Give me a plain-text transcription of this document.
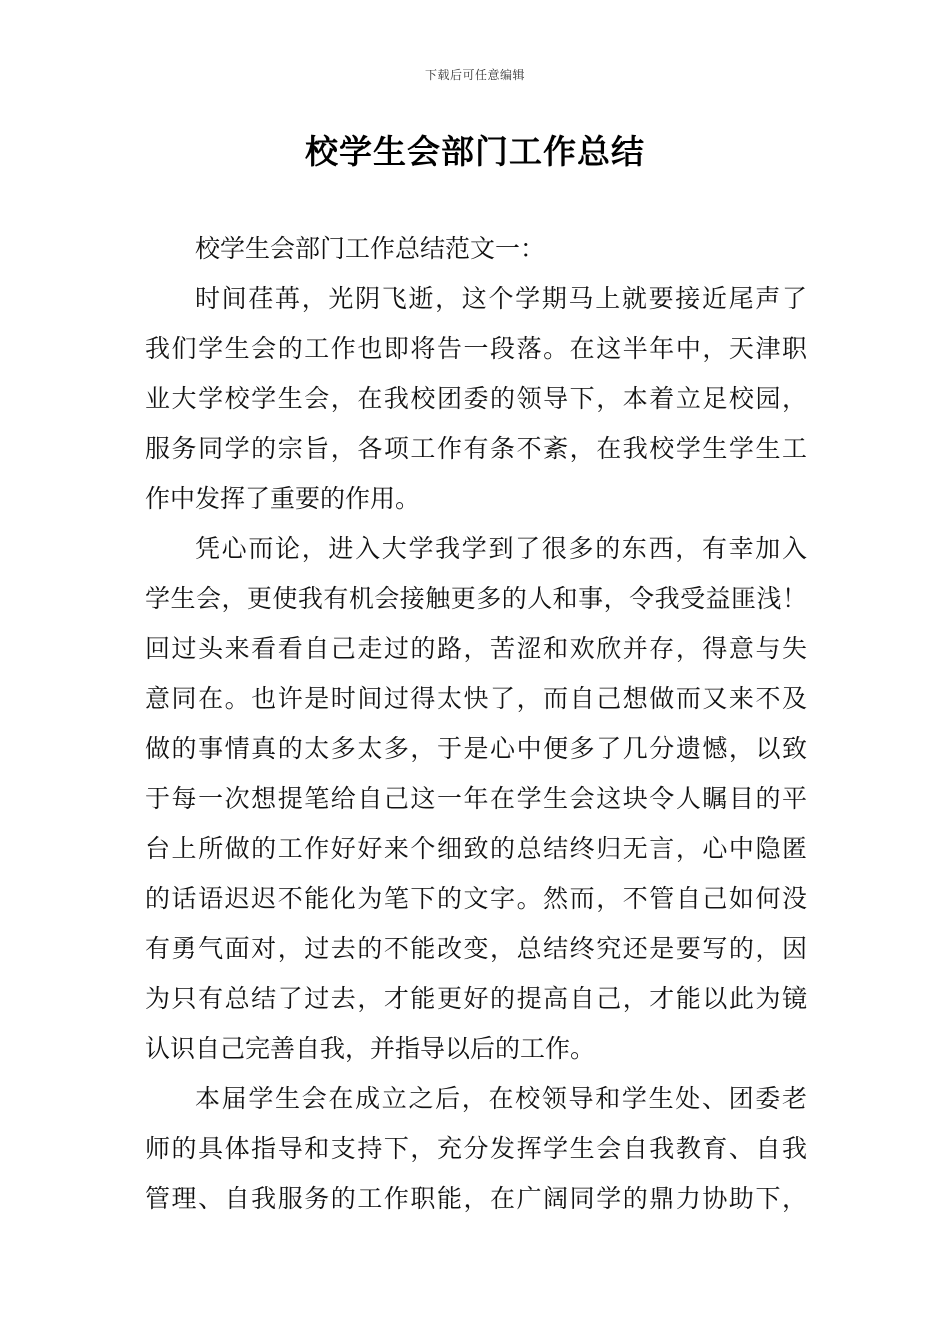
下载后可任意编辑
校学生会部门工作总结
校学生会部门工作总结范文一：
时间荏苒，光阴飞逝，这个学期马上就要接近尾声了
我们学生会的工作也即将告一段落。在这半年中，天津职
业大学校学生会，在我校团委的领导下，本着立足校园，
服务同学的宗旨，各项工作有条不紊，在我校学生学生工
作中发挥了重要的作用。
凭心而论，进入大学我学到了很多的东西，有幸加入
学生会，更使我有机会接触更多的人和事，令我受益匪浅！
回过头来看看自己走过的路，苦涩和欢欣并存，得意与失
意同在。也许是时间过得太快了，而自己想做而又来不及
做的事情真的太多太多，于是心中便多了几分遗憾，以致
于每一次想提笔给自己这一年在学生会这块令人瞩目的平
台上所做的工作好好来个细致的总结终归无言，心中隐匿
的话语迟迟不能化为笔下的文字。然而，不管自己如何没
有勇气面对，过去的不能改变，总结终究还是要写的，因
为只有总结了过去，才能更好的提高自己，才能以此为镜
认识自己完善自我，并指导以后的工作。
本届学生会在成立之后，在校领导和学生处、团委老
师的具体指导和支持下，充分发挥学生会自我教育、自我
管理、自我服务的工作职能，在广阔同学的鼎力协助下，
